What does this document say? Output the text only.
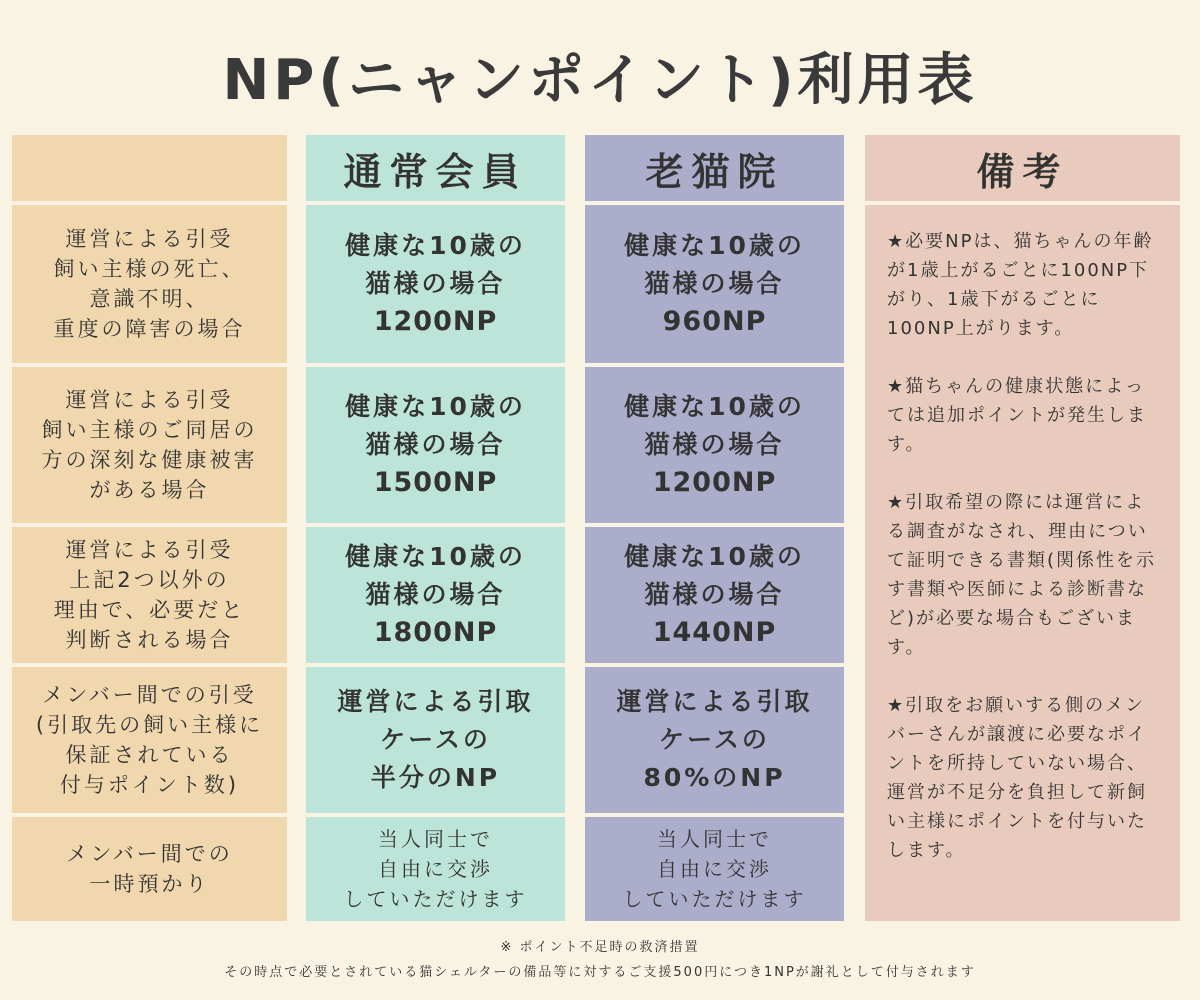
NP(ニャンポイント)利用表
運営による引受
飼い主様の死亡、
意識不明、
重度の障害の場合
運営による引受
飼い主様のご同居の
方の深刻な健康被害
がある場合
運営による引受
上記2つ以外の
理由で、必要だと
判断される場合
メンバー間での引受
(引取先の飼い主様に
保証されている
付与ポイント数)
メンバー間での
一時預かり
通常会員
健康な10歳の
猫様の場合
1200NP
健康な10歳の
猫様の場合
1500NP
健康な10歳の
猫様の場合
1800NP
運営による引取
ケースの
半分のNP
当人同士で
自由に交渉
していただけます
老猫院
健康な10歳の
猫様の場合
960NP
健康な10歳の
猫様の場合
1200NP
健康な10歳の
猫様の場合
1440NP
運営による引取
ケースの
80%のNP
当人同士で
自由に交渉
していただけます
備考

★必要NPは、猫ちゃんの年齢が1歳上がるごとに100NP下がり、1歳下がるごとに100NP上がります。

★猫ちゃんの健康状態によっては追加ポイントが発生します。

★引取希望の際には運営による調査がなされ、理由について証明できる書類(関係性を示す書類や医師による診断書など)が必要な場合もございます。

★引取をお願いする側のメンバーさんが譲渡に必要なポイントを所持していない場合、運営が不足分を負担して新飼い主様にポイントを付与いたします。

※ ポイント不足時の救済措置
その時点で必要とされている猫シェルターの備品等に対するご支援500円につき1NPが謝礼として付与されます
